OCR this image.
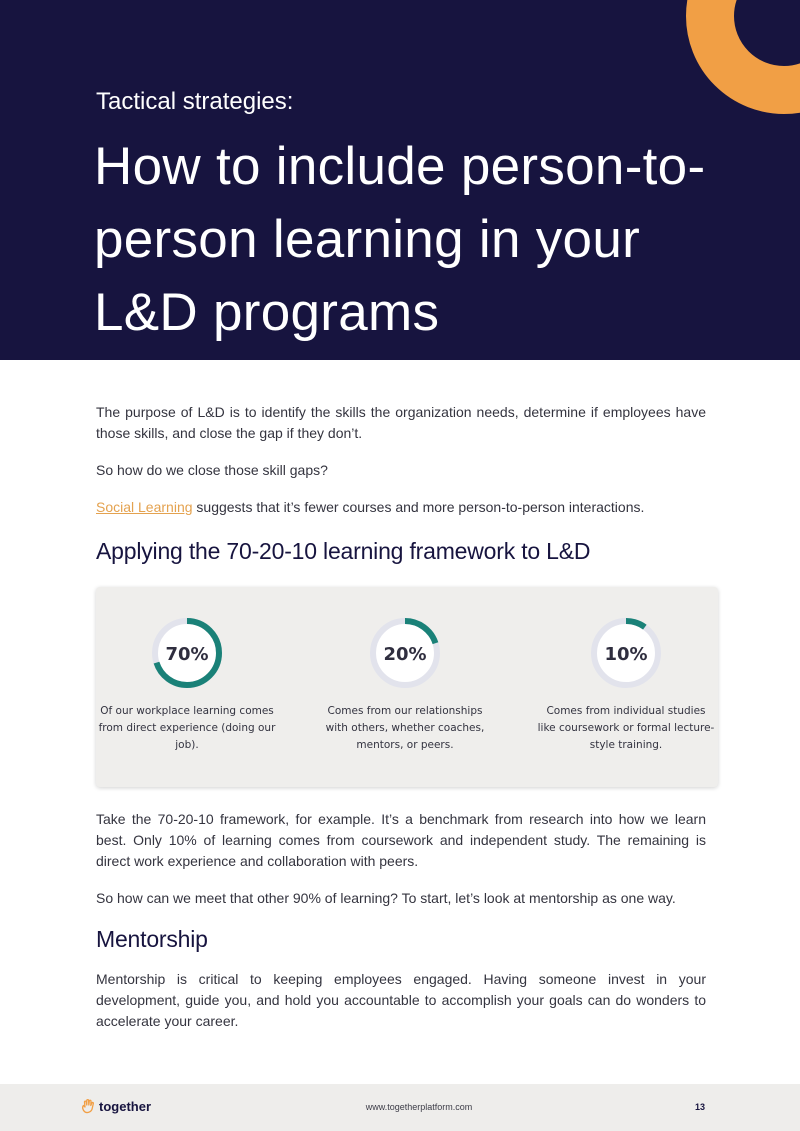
Tactical strategies:
How to include person-to-person learning in your L&D programs

The purpose of L&D is to identify the skills the organization needs, determine if employees have those skills, and close the gap if they don’t.

So how do we close those skill gaps?

Social Learning suggests that it’s fewer courses and more person-to-person interactions.

Applying the 70-20-10 learning framework to L&D
70%

Of our workplace learning comes from direct experience (doing our job).

20%

Comes from our relationships with others, whether coaches, mentors, or peers.

10%

Comes from individual studies like coursework or formal lecture-style training.

Take the 70-20-10 framework, for example. It’s a benchmark from research into how we learn best. Only 10% of learning comes from coursework and independent study. The remaining is direct work experience and collaboration with peers.

So how can we meet that other 90% of learning? To start, let’s look at mentorship as one way.

Mentorship

Mentorship is critical to keeping employees engaged. Having someone invest in your development, guide you, and hold you accountable to accomplish your goals can do wonders to accelerate your career.

together	www.togetherplatform.com	13
